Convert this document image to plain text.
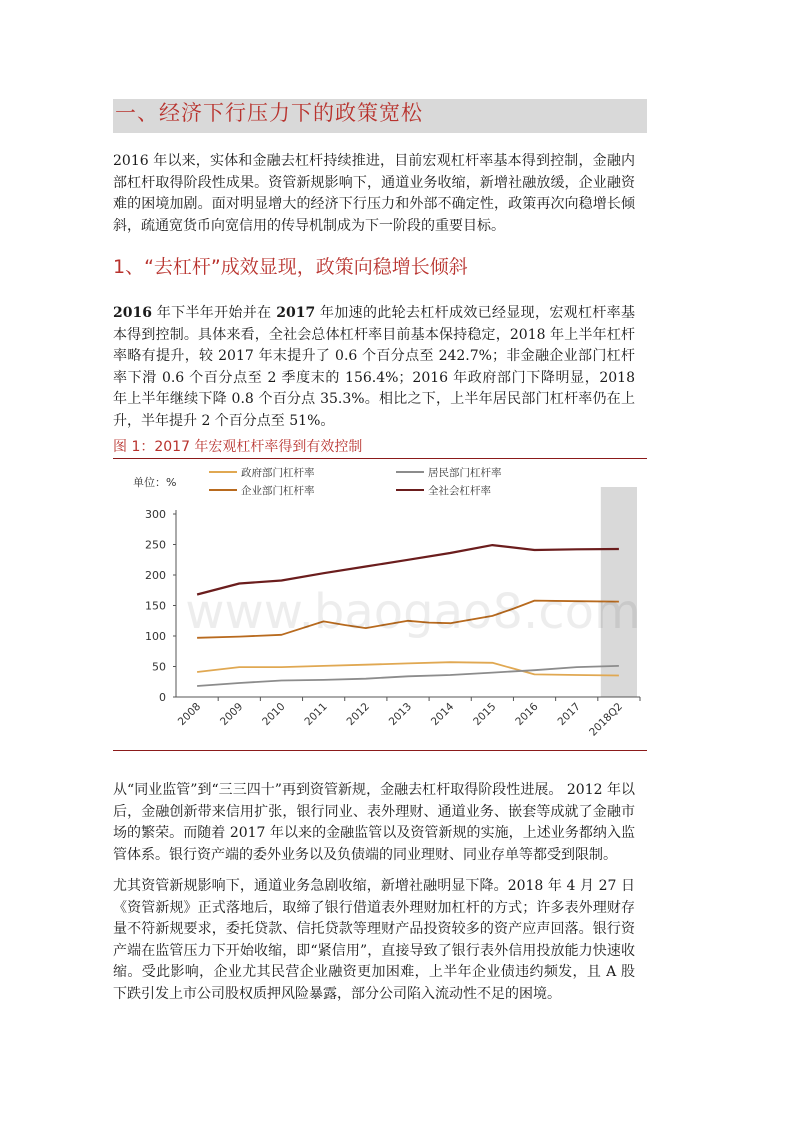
一、经济下行压力下的政策宽松

2016 年以来，实体和金融去杠杆持续推进，目前宏观杠杆率基本得到控制，金融内部杠杆取得阶段性成果。资管新规影响下，通道业务收缩，新增社融放缓，企业融资难的困境加剧。面对明显增大的经济下行压力和外部不确定性，政策再次向稳增长倾斜，疏通宽货币向宽信用的传导机制成为下一阶段的重要目标。

1、“去杠杆”成效显现，政策向稳增长倾斜

2016 年下半年开始并在 2017 年加速的此轮去杠杆成效已经显现，宏观杠杆率基本得到控制。具体来看，全社会总体杠杆率目前基本保持稳定，2018 年上半年杠杆率略有提升，较 2017 年末提升了 0.6 个百分点至 242.7%；非金融企业部门杠杆率下滑 0.6 个百分点至 2 季度末的 156.4%；2016 年政府部门下降明显，2018 年上半年继续下降 0.8 个百分点 35.3%。相比之下，上半年居民部门杠杆率仍在上升，半年提升 2 个百分点至 51%。

图 1：2017 年宏观杠杆率得到有效控制
单位：%
政府部门杠杆率	居民部门杠杆率
企业部门杠杆率	全社会杠杆率
0
50
100
150
200
250
300
2008 2009 2010 2011 2012 2013 2014 2015 2016 2017 2018Q2
www.baogao8.com

从“同业监管”到“三三四十”再到资管新规，金融去杠杆取得阶段性进展。 2012 年以后，金融创新带来信用扩张，银行同业、表外理财、通道业务、嵌套等成就了金融市场的繁荣。而随着 2017 年以来的金融监管以及资管新规的实施，上述业务都纳入监管体系。银行资产端的委外业务以及负债端的同业理财、同业存单等都受到限制。

尤其资管新规影响下，通道业务急剧收缩，新增社融明显下降。2018 年 4 月 27 日《资管新规》正式落地后，取缔了银行借道表外理财加杠杆的方式；许多表外理财存量不符新规要求，委托贷款、信托贷款等理财产品投资较多的资产应声回落。银行资产端在监管压力下开始收缩，即“紧信用”，直接导致了银行表外信用投放能力快速收缩。受此影响，企业尤其民营企业融资更加困难，上半年企业债违约频发，且 A 股下跌引发上市公司股权质押风险暴露，部分公司陷入流动性不足的困境。
